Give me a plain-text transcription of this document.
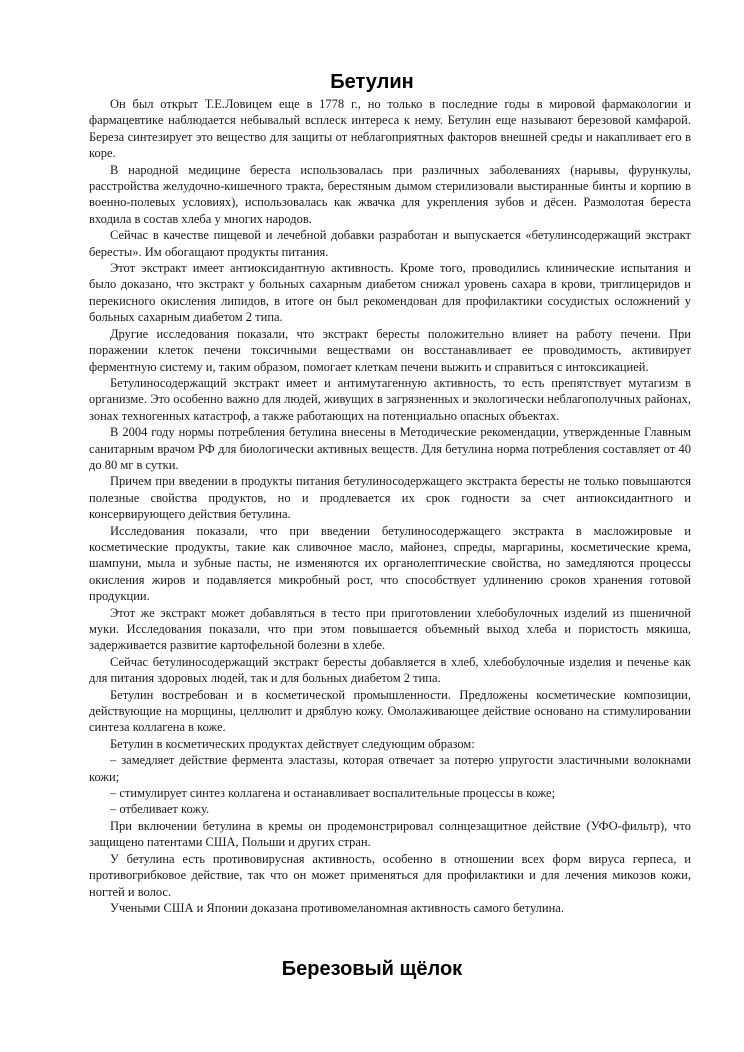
Бетулин

Он был открыт Т.Е.Ловицем еще в 1778 г., но только в последние годы в мировой фармакологии и фармацевтике наблюдается небывалый всплеск интереса к нему. Бетулин еще называют березовой камфарой. Береза синтезирует это вещество для защиты от неблагоприятных факторов внешней среды и накапливает его в коре.

В народной медицине береста использовалась при различных заболеваниях (нарывы, фурункулы, расстройства желудочно-кишечного тракта, берестяным дымом стерилизовали выстиранные бинты и корпию в военно-полевых условиях), использовалась как жвачка для укрепления зубов и дёсен. Размолотая береста входила в состав хлеба у многих народов.

Сейчас в качестве пищевой и лечебной добавки разработан и выпускается «бетулинсодержащий экстракт бересты». Им обогащают продукты питания.

Этот экстракт имеет антиоксидантную активность. Кроме того, проводились клинические испытания и было доказано, что экстракт у больных сахарным диабетом снижал уровень сахара в крови, триглицеридов и перекисного окисления липидов, в итоге он был рекомендован для профилактики сосудистых осложнений у больных сахарным диабетом 2 типа.

Другие исследования показали, что экстракт бересты положительно влияет на работу печени. При поражении клеток печени токсичными веществами он восстанавливает ее проводимость, активирует ферментную систему и, таким образом, помогает клеткам печени выжить и справиться с интоксикацией.

Бетулиносодержащий экстракт имеет и антимутагенную активность, то есть препятствует мутагизм в организме. Это особенно важно для людей, живущих в загрязненных и экологически неблагополучных районах, зонах техногенных катастроф, а также работающих на потенциально опасных объектах.

В 2004 году нормы потребления бетулина внесены в Методические рекомендации, утвержденные Главным санитарным врачом РФ для биологически активных веществ. Для бетулина норма потребления составляет от 40 до 80 мг в сутки.

Причем при введении в продукты питания бетулиносодержащего экстракта бересты не только повышаются полезные свойства продуктов, но и продлевается их срок годности за счет антиоксидантного и консервирующего действия бетулина.

Исследования показали, что при введении бетулиносодержащего экстракта в масложировые и косметические продукты, такие как сливочное масло, майонез, спреды, маргарины, косметические крема, шампуни, мыла и зубные пасты, не изменяются их органолептические свойства, но замедляются процессы окисления жиров и подавляется микробный рост, что способствует удлинению сроков хранения готовой продукции.

Этот же экстракт может добавляться в тесто при приготовлении хлебобулочных изделий из пшеничной муки. Исследования показали, что при этом повышается объемный выход хлеба и пористость мякиша, задерживается развитие картофельной болезни в хлебе.

Сейчас бетулиносодержащий экстракт бересты добавляется в хлеб, хлебобулочные изделия и печенье как для питания здоровых людей, так и для больных диабетом 2 типа.

Бетулин востребован и в косметической промышленности. Предложены косметические композиции, действующие на морщины, целлюлит и дряблую кожу. Омолаживающее действие основано на стимулировании синтеза коллагена в коже.

Бетулин в косметических продуктах действует следующим образом:

– замедляет действие фермента эластазы, которая отвечает за потерю упругости эластичными волокнами кожи;

– стимулирует синтез коллагена и останавливает воспалительные процессы в коже;

– отбеливает кожу.

При включении бетулина в кремы он продемонстрировал солнцезащитное действие (УФО-фильтр), что защищено патентами США, Польши и других стран.

У бетулина есть противовирусная активность, особенно в отношении всех форм вируса герпеса, и противогрибковое действие, так что он может применяться для профилактики и для лечения микозов кожи, ногтей и волос.

Учеными США и Японии доказана противомеланомная активность самого бетулина.

Березовый щёлок
